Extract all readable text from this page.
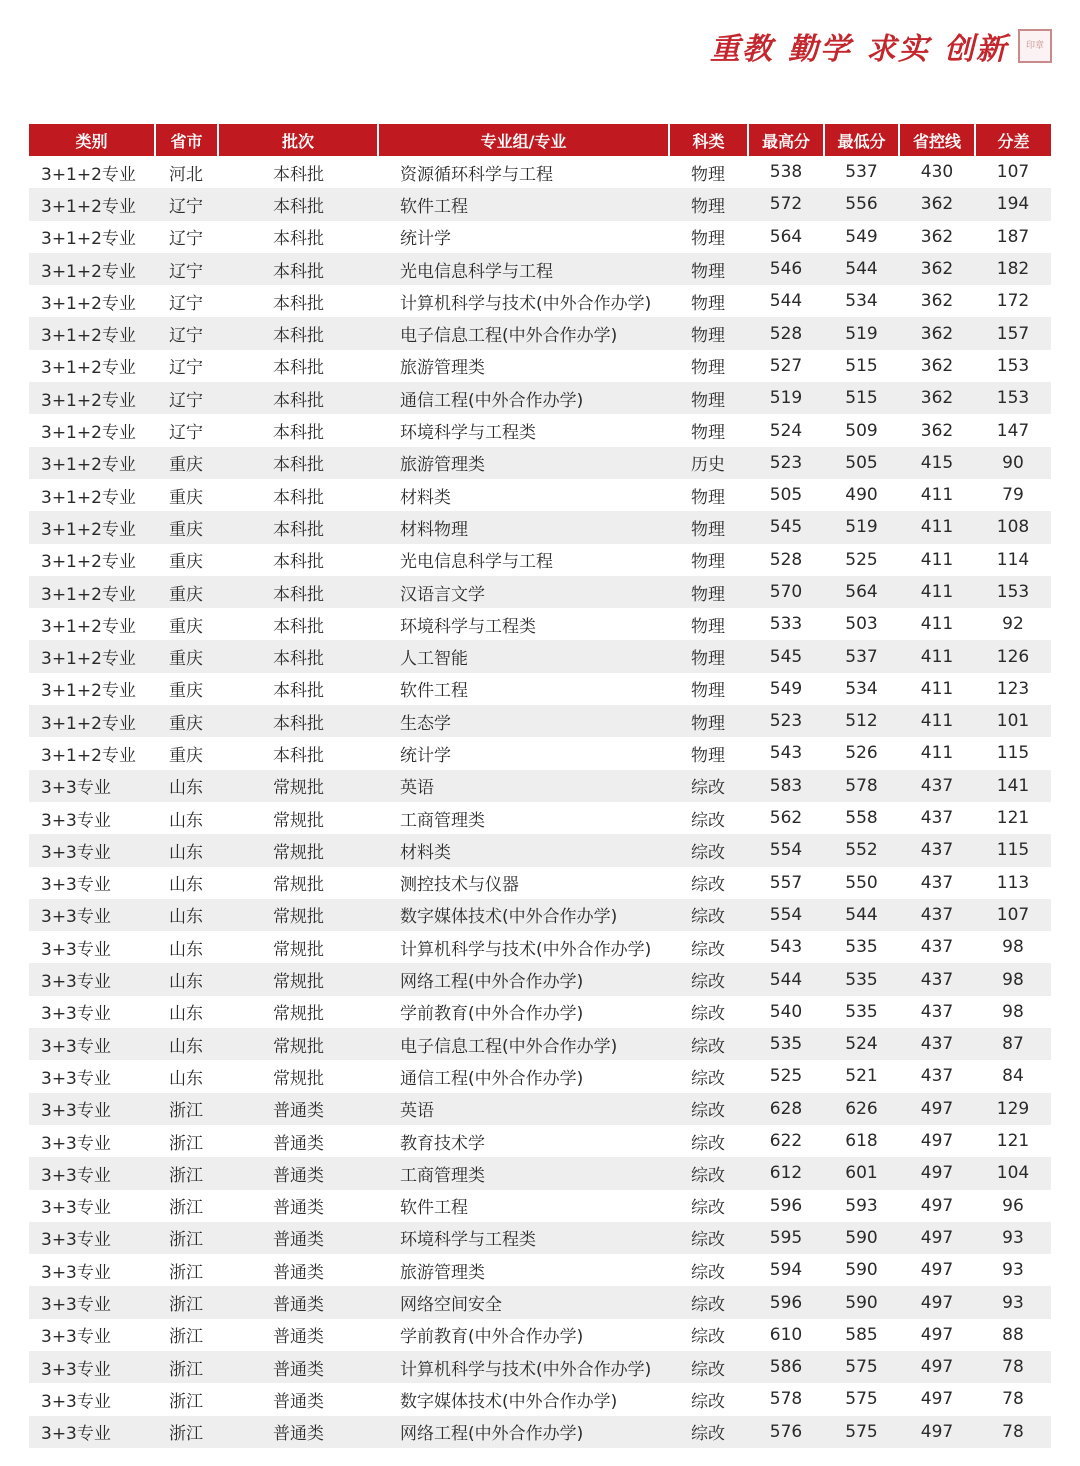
重教 勤学 求实 创新	印章
类别	省市	批次	专业组/专业	科类	最高分	最低分	省控线	分差
3+1+2专业	河北	本科批	资源循环科学与工程	物理	538	537	430	107
3+1+2专业	辽宁	本科批	软件工程	物理	572	556	362	194
3+1+2专业	辽宁	本科批	统计学	物理	564	549	362	187
3+1+2专业	辽宁	本科批	光电信息科学与工程	物理	546	544	362	182
3+1+2专业	辽宁	本科批	计算机科学与技术(中外合作办学)	物理	544	534	362	172
3+1+2专业	辽宁	本科批	电子信息工程(中外合作办学)	物理	528	519	362	157
3+1+2专业	辽宁	本科批	旅游管理类	物理	527	515	362	153
3+1+2专业	辽宁	本科批	通信工程(中外合作办学)	物理	519	515	362	153
3+1+2专业	辽宁	本科批	环境科学与工程类	物理	524	509	362	147
3+1+2专业	重庆	本科批	旅游管理类	历史	523	505	415	90
3+1+2专业	重庆	本科批	材料类	物理	505	490	411	79
3+1+2专业	重庆	本科批	材料物理	物理	545	519	411	108
3+1+2专业	重庆	本科批	光电信息科学与工程	物理	528	525	411	114
3+1+2专业	重庆	本科批	汉语言文学	物理	570	564	411	153
3+1+2专业	重庆	本科批	环境科学与工程类	物理	533	503	411	92
3+1+2专业	重庆	本科批	人工智能	物理	545	537	411	126
3+1+2专业	重庆	本科批	软件工程	物理	549	534	411	123
3+1+2专业	重庆	本科批	生态学	物理	523	512	411	101
3+1+2专业	重庆	本科批	统计学	物理	543	526	411	115
3+3专业	山东	常规批	英语	综改	583	578	437	141
3+3专业	山东	常规批	工商管理类	综改	562	558	437	121
3+3专业	山东	常规批	材料类	综改	554	552	437	115
3+3专业	山东	常规批	测控技术与仪器	综改	557	550	437	113
3+3专业	山东	常规批	数字媒体技术(中外合作办学)	综改	554	544	437	107
3+3专业	山东	常规批	计算机科学与技术(中外合作办学)	综改	543	535	437	98
3+3专业	山东	常规批	网络工程(中外合作办学)	综改	544	535	437	98
3+3专业	山东	常规批	学前教育(中外合作办学)	综改	540	535	437	98
3+3专业	山东	常规批	电子信息工程(中外合作办学)	综改	535	524	437	87
3+3专业	山东	常规批	通信工程(中外合作办学)	综改	525	521	437	84
3+3专业	浙江	普通类	英语	综改	628	626	497	129
3+3专业	浙江	普通类	教育技术学	综改	622	618	497	121
3+3专业	浙江	普通类	工商管理类	综改	612	601	497	104
3+3专业	浙江	普通类	软件工程	综改	596	593	497	96
3+3专业	浙江	普通类	环境科学与工程类	综改	595	590	497	93
3+3专业	浙江	普通类	旅游管理类	综改	594	590	497	93
3+3专业	浙江	普通类	网络空间安全	综改	596	590	497	93
3+3专业	浙江	普通类	学前教育(中外合作办学)	综改	610	585	497	88
3+3专业	浙江	普通类	计算机科学与技术(中外合作办学)	综改	586	575	497	78
3+3专业	浙江	普通类	数字媒体技术(中外合作办学)	综改	578	575	497	78
3+3专业	浙江	普通类	网络工程(中外合作办学)	综改	576	575	497	78
